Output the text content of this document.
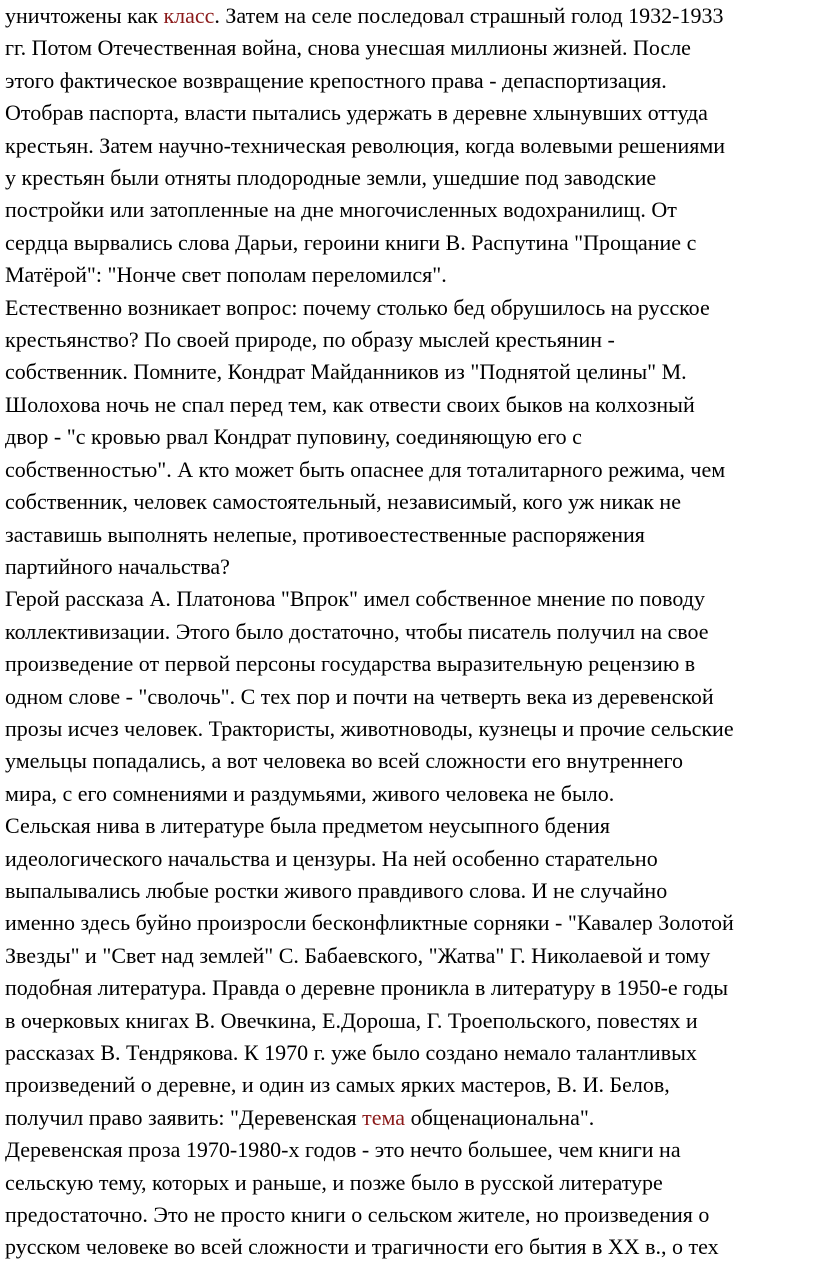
уничтожены как класс. Затем на селе последовал страшный голод 1932-1933
гг. Потом Отечественная война, снова унесшая миллионы жизней. После
этого фактическое возвращение крепостного права - депаспортизация.
Отобрав паспорта, власти пытались удержать в деревне хлынувших оттуда
крестьян. Затем научно-техническая революция, когда волевыми решениями
у крестьян были отняты плодородные земли, ушедшие под заводские
постройки или затопленные на дне многочисленных водохранилищ. От
сердца вырвались слова Дарьи, героини книги В. Распутина "Прощание с
Матёрой": "Нонче свет пополам переломился".

Естественно возникает вопрос: почему столько бед обрушилось на русское
крестьянство? По своей природе, по образу мыслей крестьянин -
собственник. Помните, Кондрат Майданников из "Поднятой целины" М.
Шолохова ночь не спал перед тем, как отвести своих быков на колхозный
двор - "с кровью рвал Кондрат пуповину, соединяющую его с
собственностью". А кто может быть опаснее для тоталитарного режима, чем
собственник, человек самостоятельный, независимый, кого уж никак не
заставишь выполнять нелепые, противоестественные распоряжения
партийного начальства?

Герой рассказа А. Платонова "Впрок" имел собственное мнение по поводу
коллективизации. Этого было достаточно, чтобы писатель получил на свое
произведение от первой персоны государства выразительную рецензию в
одном слове - "сволочь". С тех пор и почти на четверть века из деревенской
прозы исчез человек. Трактористы, животноводы, кузнецы и прочие сельские
умельцы попадались, а вот человека во всей сложности его внутреннего
мира, с его сомнениями и раздумьями, живого человека не было.

Сельская нива в литературе была предметом неусыпного бдения
идеологического начальства и цензуры. На ней особенно старательно
выпалывались любые ростки живого правдивого слова. И не случайно
именно здесь буйно произросли бесконфликтные сорняки - "Кавалер Золотой
Звезды" и "Свет над землей" С. Бабаевского, "Жатва" Г. Николаевой и тому
подобная литература. Правда о деревне проникла в литературу в 1950-е годы
в очерковых книгах В. Овечкина, Е.Дороша, Г. Троепольского, повестях и
рассказах В. Тендрякова. К 1970 г. уже было создано немало талантливых
произведений о деревне, и один из самых ярких мастеров, В. И. Белов,
получил право заявить: "Деревенская тема общенациональна".

Деревенская проза 1970-1980-х годов - это нечто большее, чем книги на
сельскую тему, которых и раньше, и позже было в русской литературе
предостаточно. Это не просто книги о сельском жителе, но произведения о
русском человеке во всей сложности и трагичности его бытия в XX в., о тех
